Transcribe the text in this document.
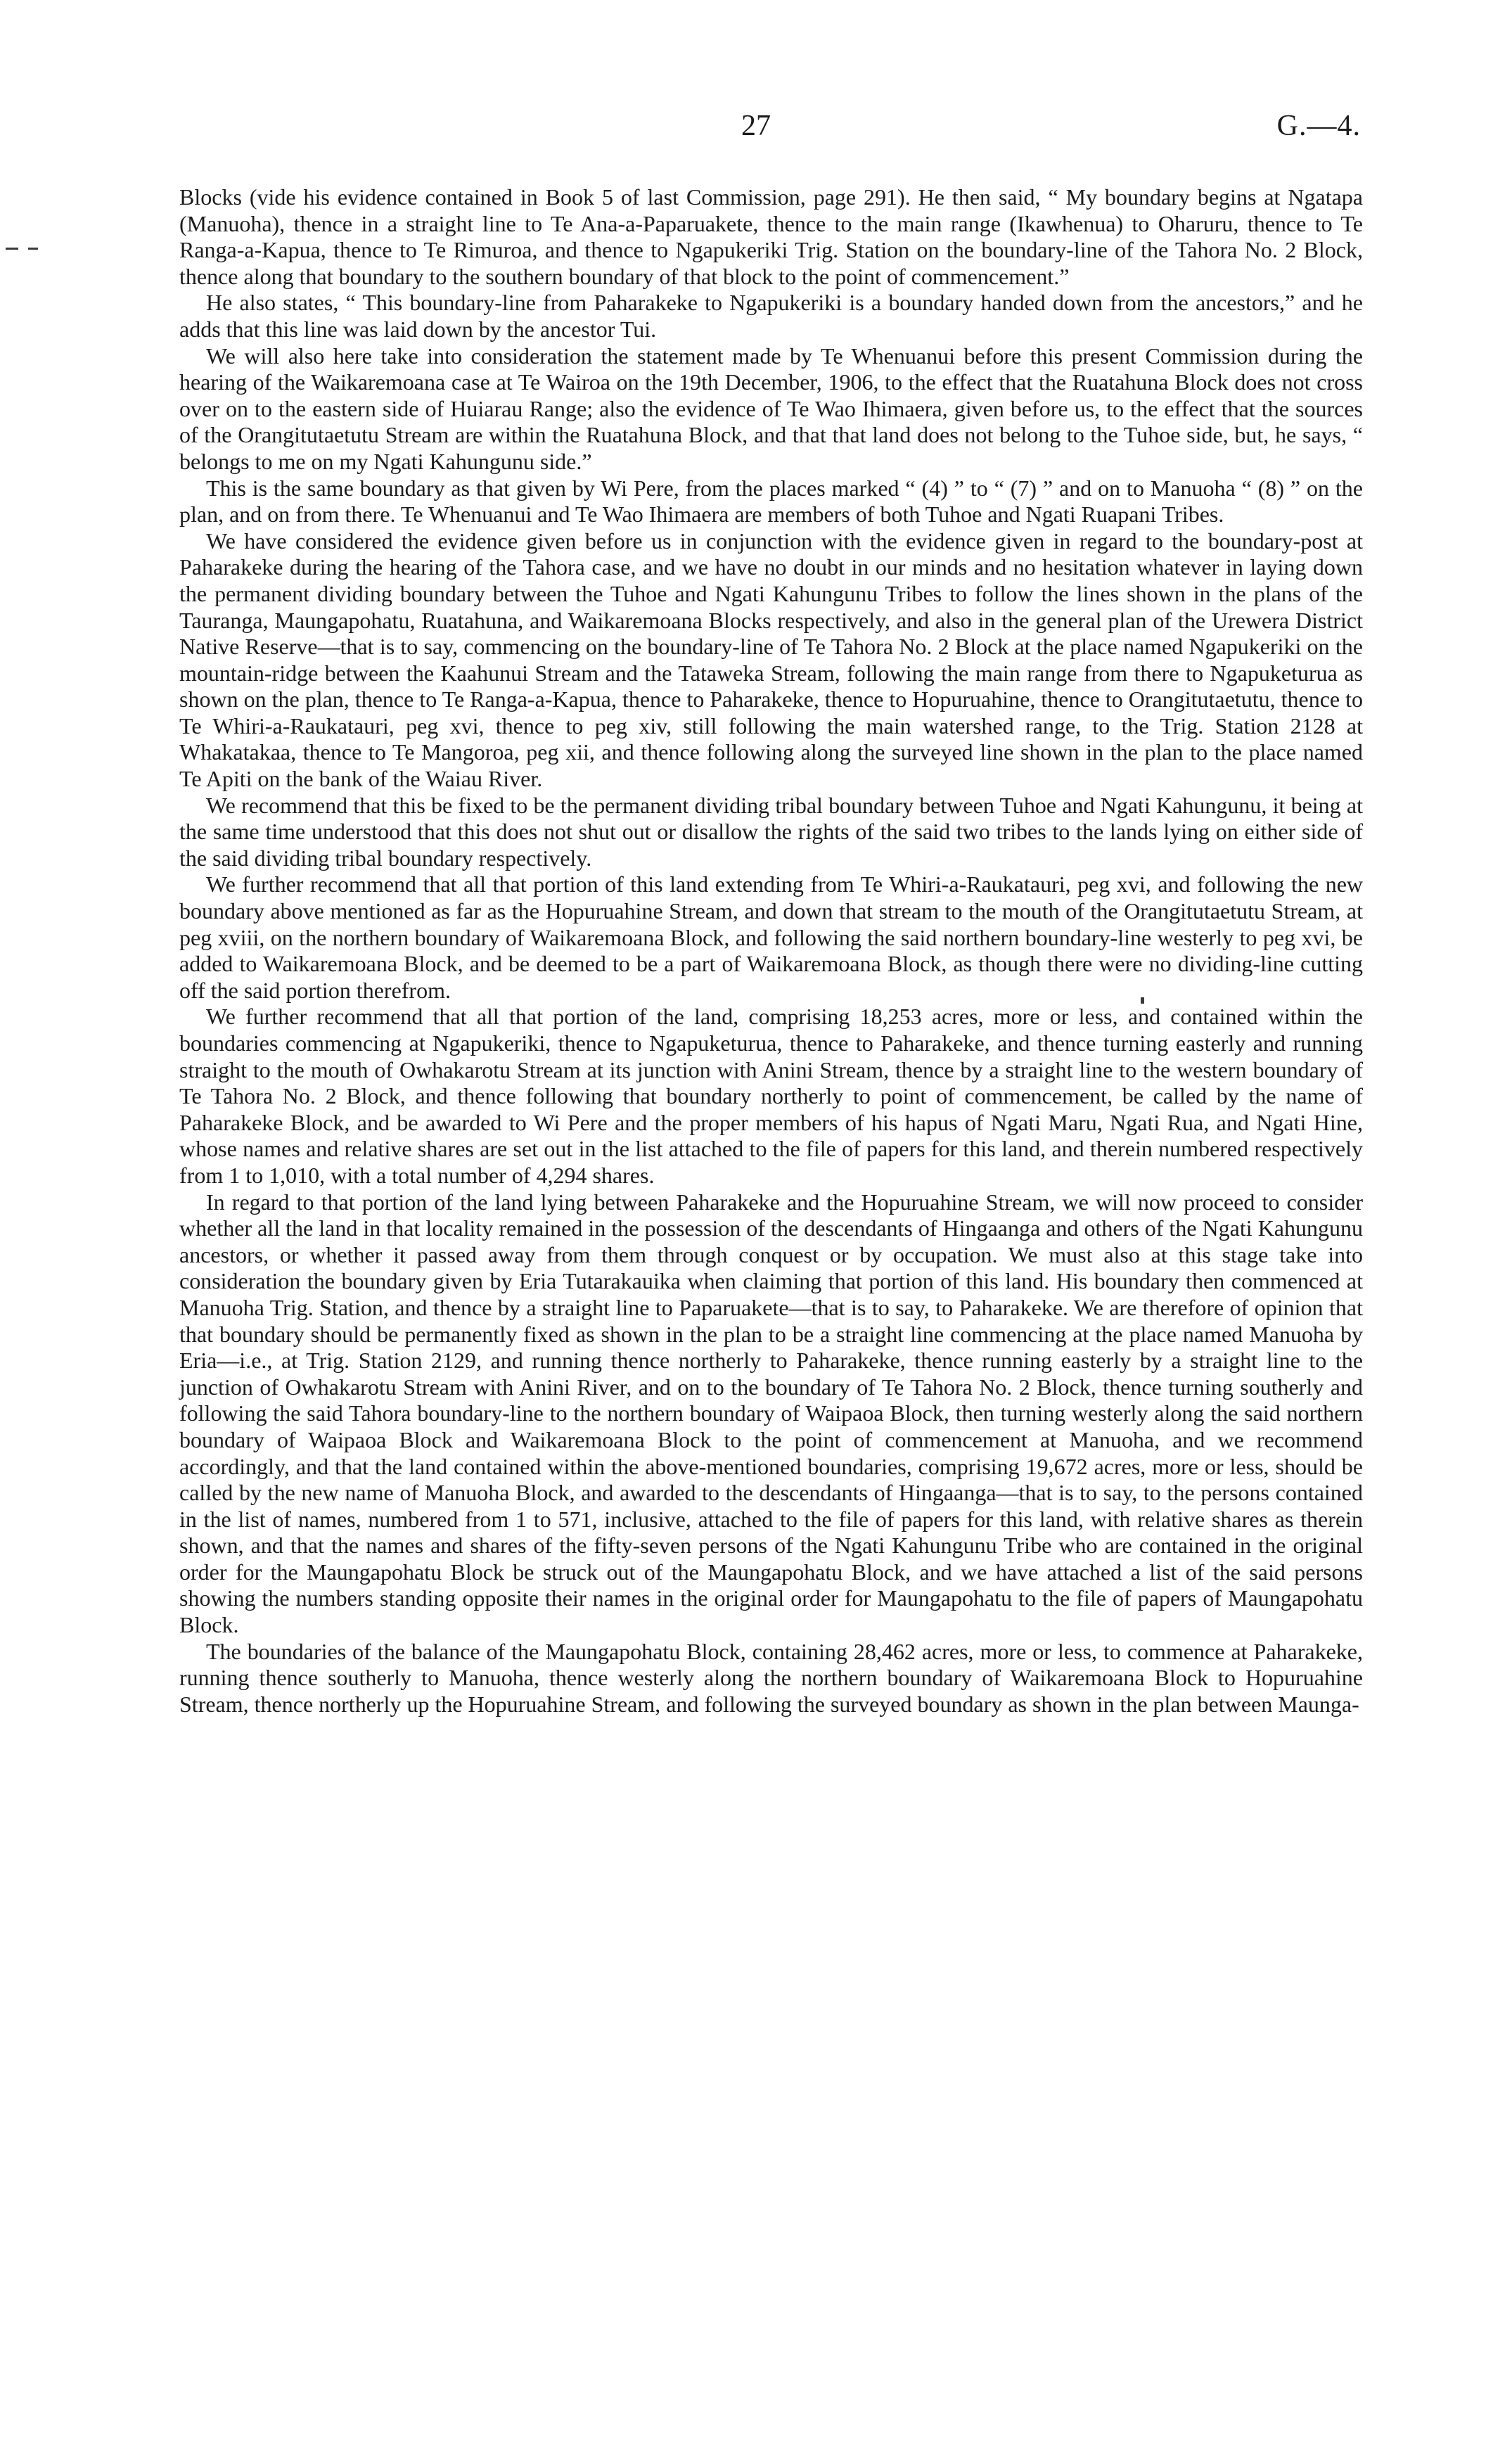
27	G.—4.

Blocks (vide his evidence contained in Book 5 of last Commission, page 291). He then said, “ My boundary begins at Ngatapa (Manuoha), thence in a straight line to Te Ana-a-Paparuakete, thence to the main range (Ikawhenua) to Oharuru, thence to Te Ranga-a-Kapua, thence to Te Rimuroa, and thence to Ngapukeriki Trig. Station on the boundary-line of the Tahora No. 2 Block, thence along that boundary to the southern boundary of that block to the point of commencement.”

He also states, “ This boundary-line from Paharakeke to Ngapukeriki is a boundary handed down from the ancestors,” and he adds that this line was laid down by the ancestor Tui.

We will also here take into consideration the statement made by Te Whenuanui before this present Commission during the hearing of the Waikaremoana case at Te Wairoa on the 19th December, 1906, to the effect that the Ruatahuna Block does not cross over on to the eastern side of Huiarau Range; also the evidence of Te Wao Ihimaera, given before us, to the effect that the sources of the Orangitutaetutu Stream are within the Ruatahuna Block, and that that land does not belong to the Tuhoe side, but, he says, “ belongs to me on my Ngati Kahungunu side.”

This is the same boundary as that given by Wi Pere, from the places marked “ (4) ” to “ (7) ” and on to Manuoha “ (8) ” on the plan, and on from there. Te Whenuanui and Te Wao Ihimaera are members of both Tuhoe and Ngati Ruapani Tribes.

We have considered the evidence given before us in conjunction with the evidence given in regard to the boundary-post at Paharakeke during the hearing of the Tahora case, and we have no doubt in our minds and no hesitation whatever in laying down the permanent dividing boundary between the Tuhoe and Ngati Kahungunu Tribes to follow the lines shown in the plans of the Tauranga, Maungapohatu, Ruatahuna, and Waikaremoana Blocks respectively, and also in the general plan of the Urewera District Native Reserve—that is to say, commencing on the boundary-line of Te Tahora No. 2 Block at the place named Ngapukeriki on the mountain-ridge between the Kaahunui Stream and the Tataweka Stream, following the main range from there to Ngapuketurua as shown on the plan, thence to Te Ranga-a-Kapua, thence to Paharakeke, thence to Hopuruahine, thence to Orangitutaetutu, thence to Te Whiri-a-Raukatauri, peg xvi, thence to peg xiv, still following the main watershed range, to the Trig. Station 2128 at Whakatakaa, thence to Te Mangoroa, peg xii, and thence following along the surveyed line shown in the plan to the place named Te Apiti on the bank of the Waiau River.

We recommend that this be fixed to be the permanent dividing tribal boundary between Tuhoe and Ngati Kahungunu, it being at the same time understood that this does not shut out or disallow the rights of the said two tribes to the lands lying on either side of the said dividing tribal boundary respectively.

We further recommend that all that portion of this land extending from Te Whiri-a-Raukatauri, peg xvi, and following the new boundary above mentioned as far as the Hopuruahine Stream, and down that stream to the mouth of the Orangitutaetutu Stream, at peg xviii, on the northern boundary of Waikaremoana Block, and following the said northern boundary-line westerly to peg xvi, be added to Waikaremoana Block, and be deemed to be a part of Waikaremoana Block, as though there were no dividing-line cutting off the said portion therefrom.

We further recommend that all that portion of the land, comprising 18,253 acres, more or less, and contained within the boundaries commencing at Ngapukeriki, thence to Ngapuketurua, thence to Paharakeke, and thence turning easterly and running straight to the mouth of Owhakarotu Stream at its junction with Anini Stream, thence by a straight line to the western boundary of Te Tahora No. 2 Block, and thence following that boundary northerly to point of commencement, be called by the name of Paharakeke Block, and be awarded to Wi Pere and the proper members of his hapus of Ngati Maru, Ngati Rua, and Ngati Hine, whose names and relative shares are set out in the list attached to the file of papers for this land, and therein numbered respectively from 1 to 1,010, with a total number of 4,294 shares.

In regard to that portion of the land lying between Paharakeke and the Hopuruahine Stream, we will now proceed to consider whether all the land in that locality remained in the possession of the descendants of Hingaanga and others of the Ngati Kahungunu ancestors, or whether it passed away from them through conquest or by occupation. We must also at this stage take into consideration the boundary given by Eria Tutarakauika when claiming that portion of this land. His boundary then commenced at Manuoha Trig. Station, and thence by a straight line to Paparuakete—that is to say, to Paharakeke. We are therefore of opinion that that boundary should be permanently fixed as shown in the plan to be a straight line commencing at the place named Manuoha by Eria—i.e., at Trig. Station 2129, and running thence northerly to Paharakeke, thence running easterly by a straight line to the junction of Owhakarotu Stream with Anini River, and on to the boundary of Te Tahora No. 2 Block, thence turning southerly and following the said Tahora boundary-line to the northern boundary of Waipaoa Block, then turning westerly along the said northern boundary of Waipaoa Block and Waikaremoana Block to the point of commencement at Manuoha, and we recommend accordingly, and that the land contained within the above-mentioned boundaries, comprising 19,672 acres, more or less, should be called by the new name of Manuoha Block, and awarded to the descendants of Hingaanga—that is to say, to the persons contained in the list of names, numbered from 1 to 571, inclusive, attached to the file of papers for this land, with relative shares as therein shown, and that the names and shares of the fifty-seven persons of the Ngati Kahungunu Tribe who are contained in the original order for the Maungapohatu Block be struck out of the Maungapohatu Block, and we have attached a list of the said persons showing the numbers standing opposite their names in the original order for Maungapohatu to the file of papers of Maungapohatu Block.

The boundaries of the balance of the Maungapohatu Block, containing 28,462 acres, more or less, to commence at Paharakeke, running thence southerly to Manuoha, thence westerly along the northern boundary of Waikaremoana Block to Hopuruahine Stream, thence northerly up the Hopuruahine Stream, and following the surveyed boundary as shown in the plan between Maunga-
